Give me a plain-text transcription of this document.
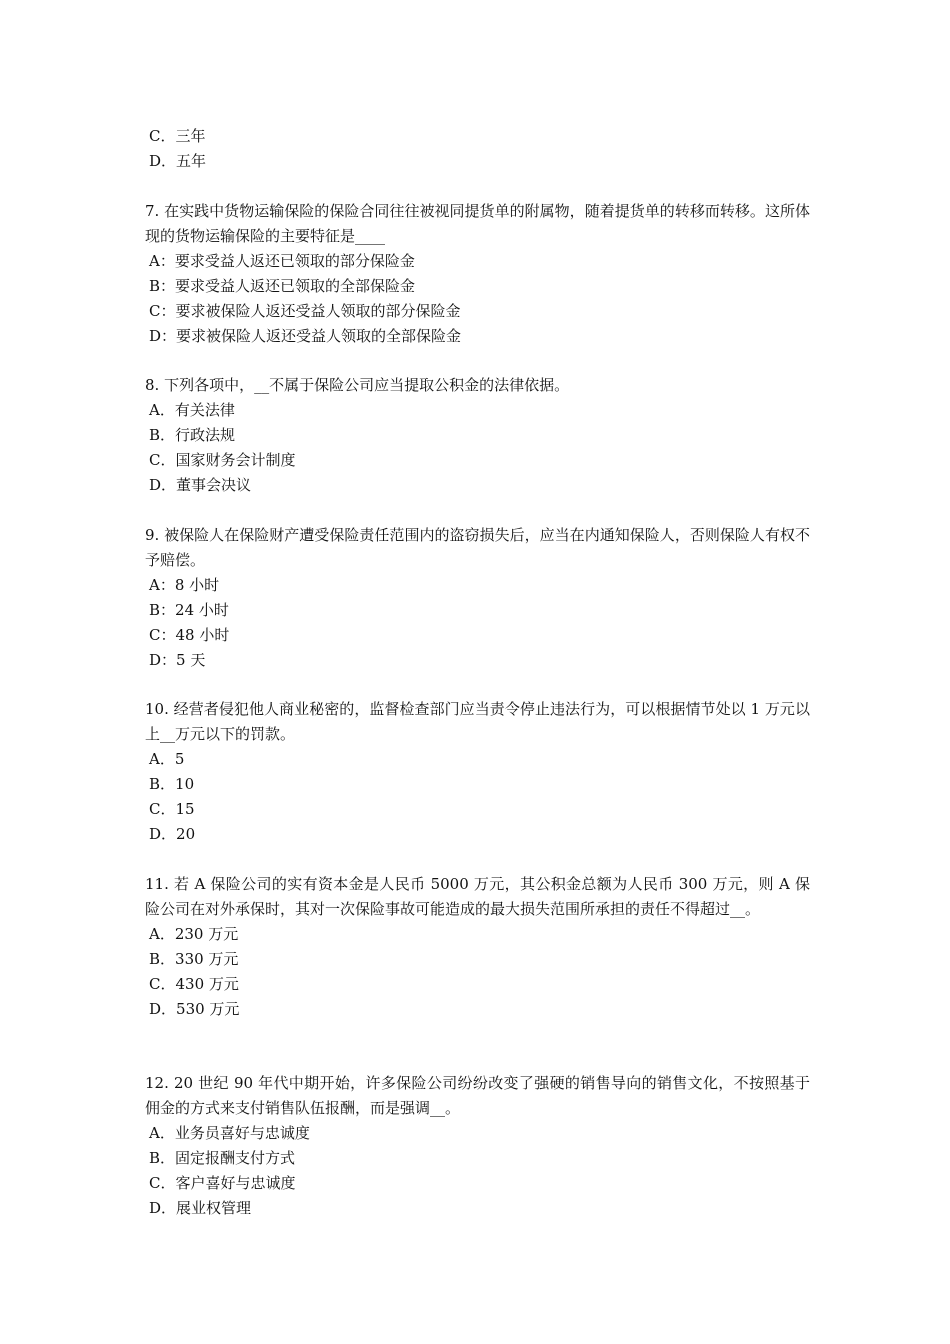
C．三年
D．五年
7. 在实践中货物运输保险的保险合同往往被视同提货单的附属物，随着提货单的转移而转移。这所体现的货物运输保险的主要特征是____
A：要求受益人返还已领取的部分保险金
B：要求受益人返还已领取的全部保险金
C：要求被保险人返还受益人领取的部分保险金
D：要求被保险人返还受益人领取的全部保险金
8. 下列各项中，__不属于保险公司应当提取公积金的法律依据。
A．有关法律
B．行政法规
C．国家财务会计制度
D．董事会决议
9. 被保险人在保险财产遭受保险责任范围内的盗窃损失后，应当在内通知保险人，否则保险人有权不予赔偿。
A：8 小时
B：24 小时
C：48 小时
D：5 天
10. 经营者侵犯他人商业秘密的，监督检查部门应当责令停止违法行为，可以根据情节处以 1 万元以上__万元以下的罚款。
A．5
B．10
C．15
D．20
11. 若 A 保险公司的实有资本金是人民币 5000 万元，其公积金总额为人民币 300 万元，则 A 保险公司在对外承保时，其对一次保险事故可能造成的最大损失范围所承担的责任不得超过__。
A．230 万元
B．330 万元
C．430 万元
D．530 万元
12. 20 世纪 90 年代中期开始，许多保险公司纷纷改变了强硬的销售导向的销售文化，不按照基于佣金的方式来支付销售队伍报酬，而是强调__。
A．业务员喜好与忠诚度
B．固定报酬支付方式
C．客户喜好与忠诚度
D．展业权管理
